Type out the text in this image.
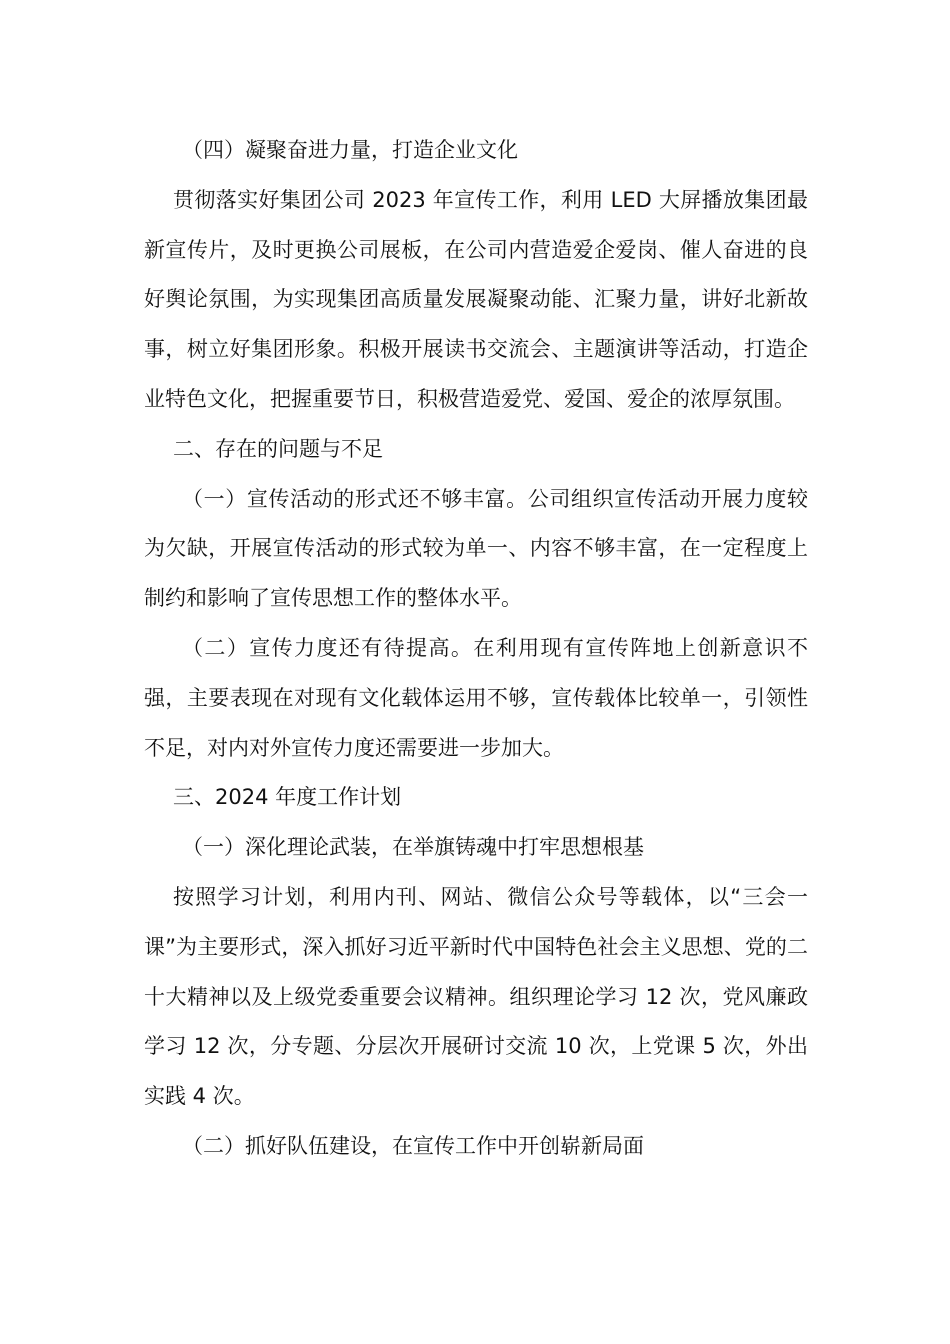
（四）凝聚奋进力量，打造企业文化

贯彻落实好集团公司 2023 年宣传工作，利用 LED 大屏播放集团最新宣传片，及时更换公司展板，在公司内营造爱企爱岗、催人奋进的良好舆论氛围，为实现集团高质量发展凝聚动能、汇聚力量，讲好北新故事，树立好集团形象。积极开展读书交流会、主题演讲等活动，打造企业特色文化，把握重要节日，积极营造爱党、爱国、爱企的浓厚氛围。

二、存在的问题与不足

（一）宣传活动的形式还不够丰富。公司组织宣传活动开展力度较为欠缺，开展宣传活动的形式较为单一、内容不够丰富，在一定程度上制约和影响了宣传思想工作的整体水平。

（二）宣传力度还有待提高。在利用现有宣传阵地上创新意识不强，主要表现在对现有文化载体运用不够，宣传载体比较单一，引领性不足，对内对外宣传力度还需要进一步加大。

三、2024 年度工作计划

（一）深化理论武装，在举旗铸魂中打牢思想根基

按照学习计划，利用内刊、网站、微信公众号等载体，以“三会一课”为主要形式，深入抓好习近平新时代中国特色社会主义思想、党的二十大精神以及上级党委重要会议精神。组织理论学习 12 次，党风廉政学习 12 次，分专题、分层次开展研讨交流 10 次，上党课 5 次，外出实践 4 次。

（二）抓好队伍建设，在宣传工作中开创崭新局面
